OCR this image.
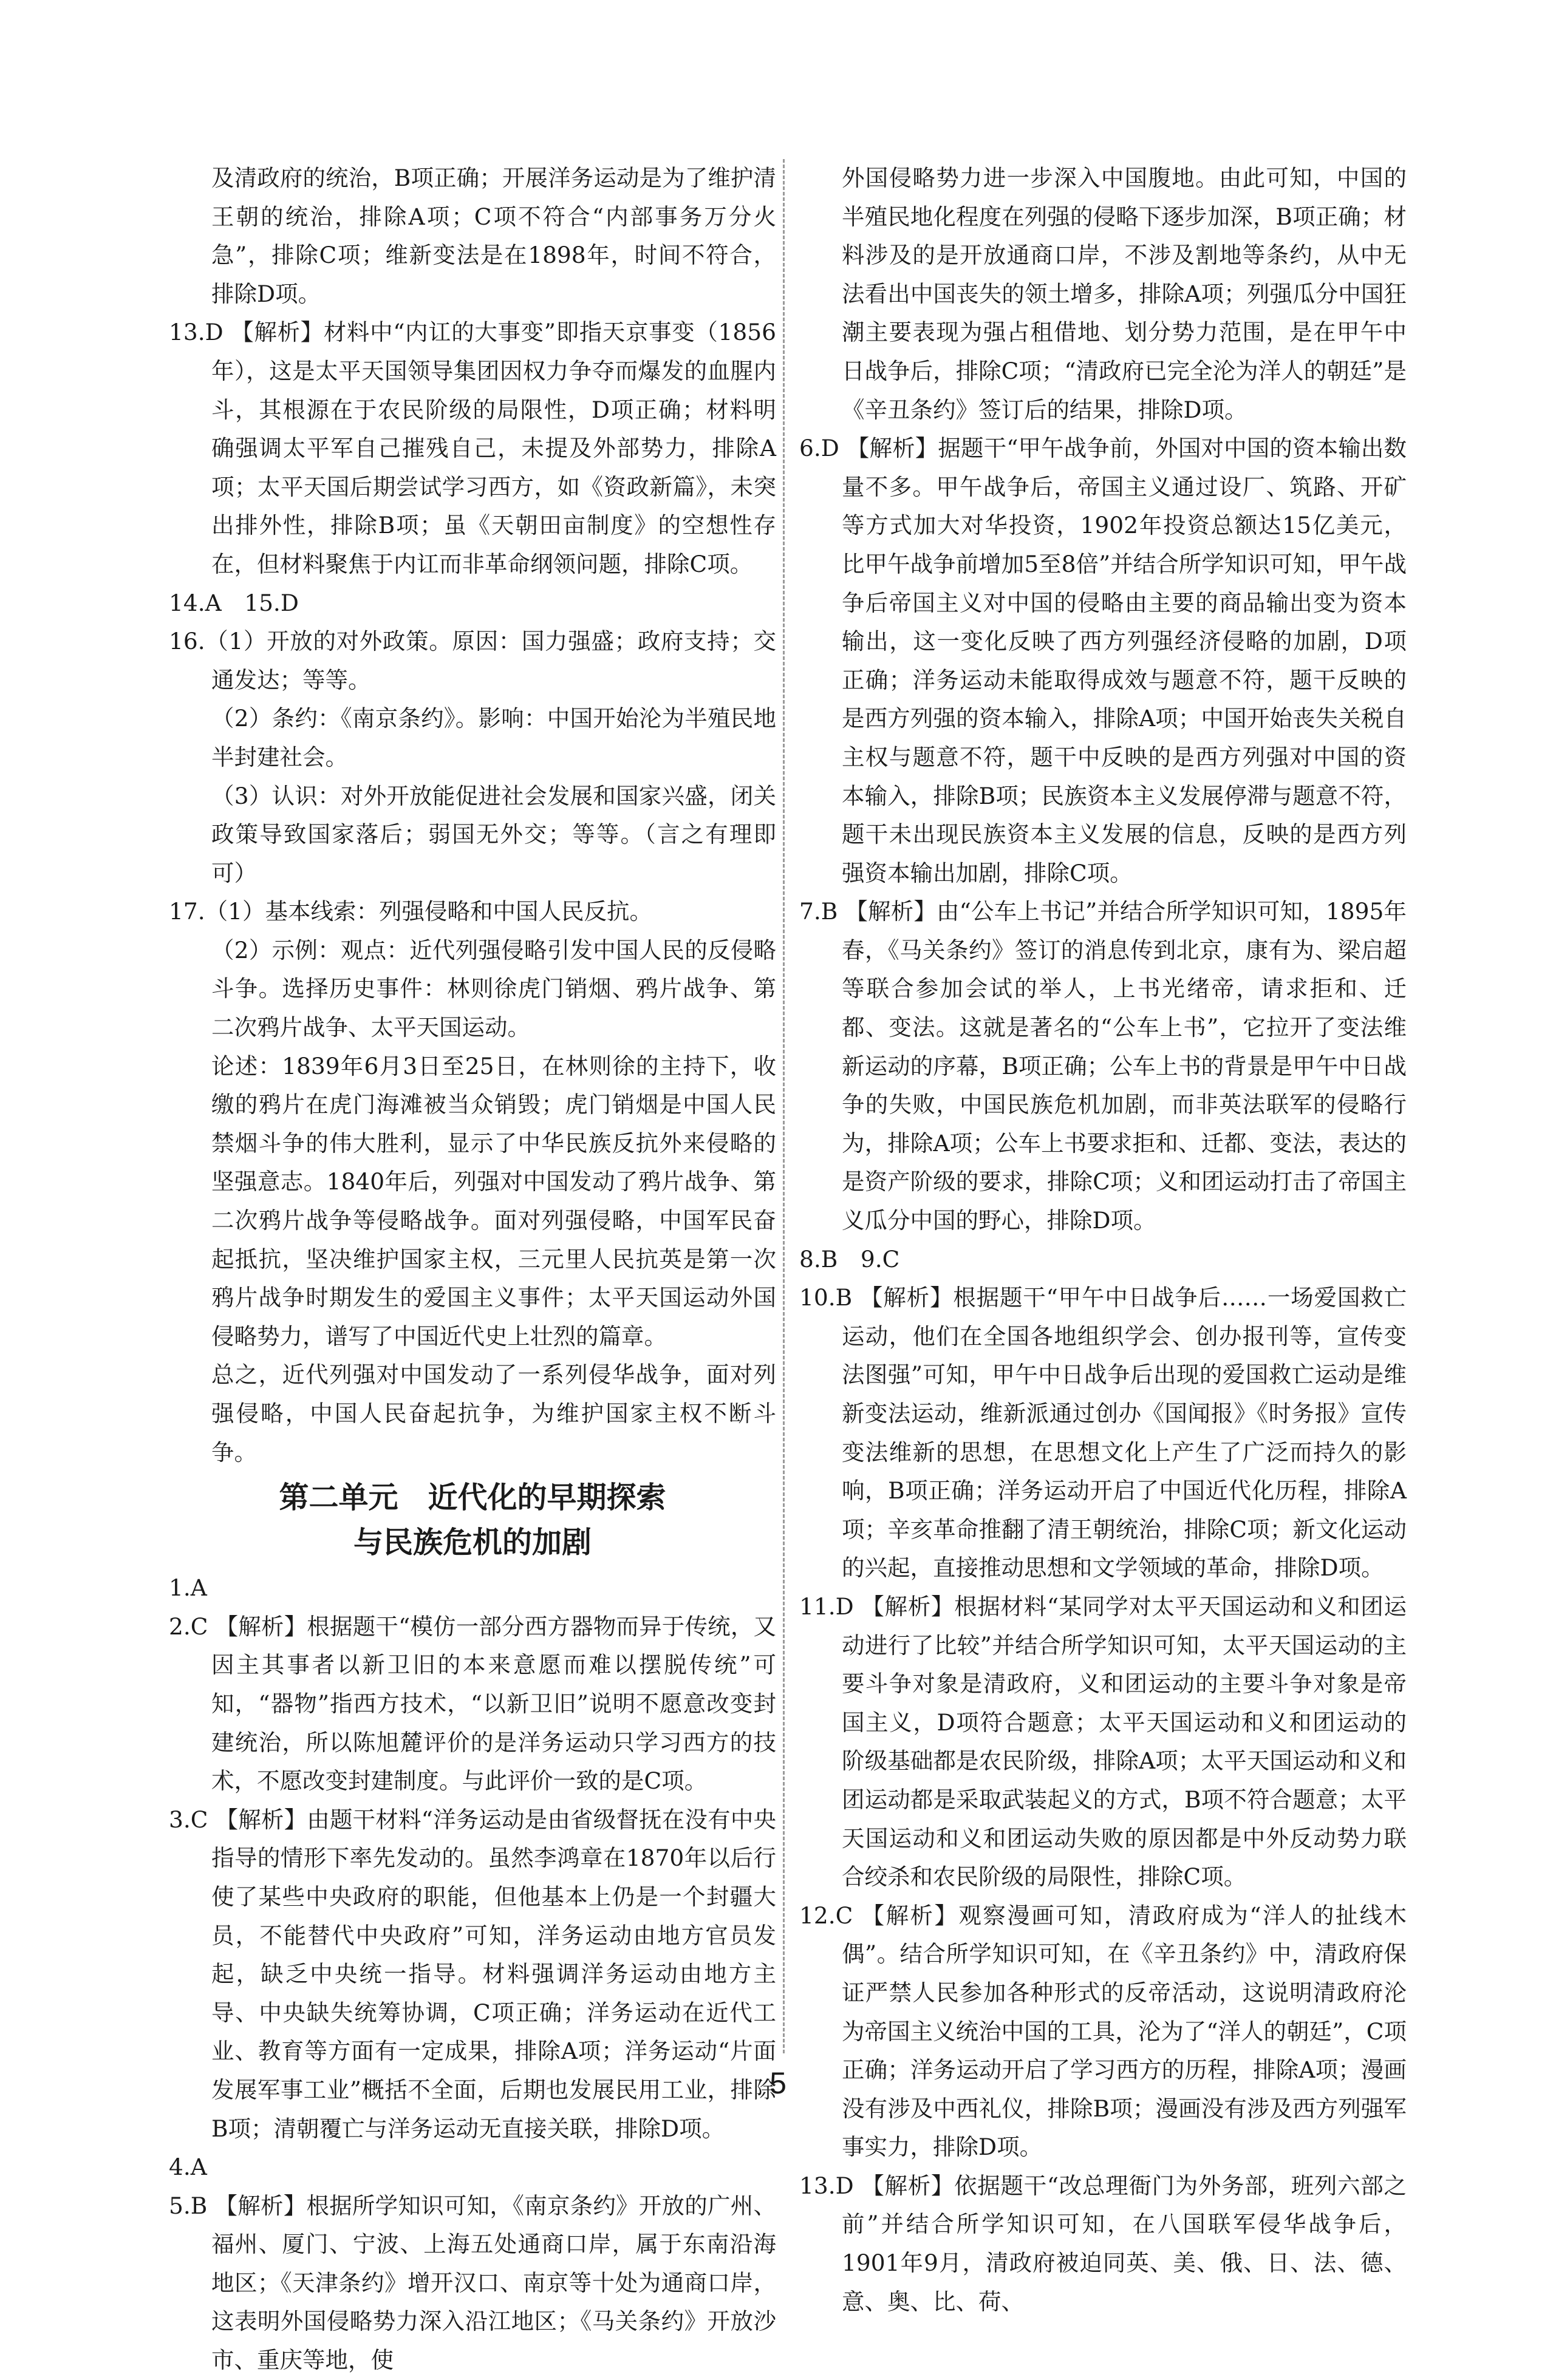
及清政府的统治，B项正确；开展洋务运动是为了维护清王朝的统治，排除A项；C项不符合“内部事务万分火急”，排除C项；维新变法是在1898年，时间不符合，排除D项。

13.D 【解析】材料中“内讧的大事变”即指天京事变（1856年），这是太平天国领导集团因权力争夺而爆发的血腥内斗，其根源在于农民阶级的局限性，D项正确；材料明确强调太平军自己摧残自己，未提及外部势力，排除A项；太平天国后期尝试学习西方，如《资政新篇》，未突出排外性，排除B项；虽《天朝田亩制度》的空想性存在，但材料聚焦于内讧而非革命纲领问题，排除C项。

14.A　15.D

16.（1）开放的对外政策。原因：国力强盛；政府支持；交通发达；等等。

（2）条约：《南京条约》。影响：中国开始沦为半殖民地半封建社会。

（3）认识：对外开放能促进社会发展和国家兴盛，闭关政策导致国家落后；弱国无外交；等等。（言之有理即可）

17.（1）基本线索：列强侵略和中国人民反抗。

（2）示例：观点：近代列强侵略引发中国人民的反侵略斗争。选择历史事件：林则徐虎门销烟、鸦片战争、第二次鸦片战争、太平天国运动。

论述：1839年6月3日至25日，在林则徐的主持下，收缴的鸦片在虎门海滩被当众销毁；虎门销烟是中国人民禁烟斗争的伟大胜利，显示了中华民族反抗外来侵略的坚强意志。1840年后，列强对中国发动了鸦片战争、第二次鸦片战争等侵略战争。面对列强侵略，中国军民奋起抵抗，坚决维护国家主权，三元里人民抗英是第一次鸦片战争时期发生的爱国主义事件；太平天国运动外国侵略势力，谱写了中国近代史上壮烈的篇章。

总之，近代列强对中国发动了一系列侵华战争，面对列强侵略，中国人民奋起抗争，为维护国家主权不断斗争。

第二单元　近代化的早期探索
与民族危机的加剧

1.A

2.C 【解析】根据题干“模仿一部分西方器物而异于传统，又因主其事者以新卫旧的本来意愿而难以摆脱传统”可知，“器物”指西方技术，“以新卫旧”说明不愿意改变封建统治，所以陈旭麓评价的是洋务运动只学习西方的技术，不愿改变封建制度。与此评价一致的是C项。

3.C 【解析】由题干材料“洋务运动是由省级督抚在没有中央指导的情形下率先发动的。虽然李鸿章在1870年以后行使了某些中央政府的职能，但他基本上仍是一个封疆大员，不能替代中央政府”可知，洋务运动由地方官员发起，缺乏中央统一指导。材料强调洋务运动由地方主导、中央缺失统筹协调，C项正确；洋务运动在近代工业、教育等方面有一定成果，排除A项；洋务运动“片面发展军事工业”概括不全面，后期也发展民用工业，排除B项；清朝覆亡与洋务运动无直接关联，排除D项。

4.A

5.B 【解析】根据所学知识可知，《南京条约》开放的广州、福州、厦门、宁波、上海五处通商口岸，属于东南沿海地区；《天津条约》增开汉口、南京等十处为通商口岸，这表明外国侵略势力深入沿江地区；《马关条约》开放沙市、重庆等地，使

外国侵略势力进一步深入中国腹地。由此可知，中国的半殖民地化程度在列强的侵略下逐步加深，B项正确；材料涉及的是开放通商口岸，不涉及割地等条约，从中无法看出中国丧失的领土增多，排除A项；列强瓜分中国狂潮主要表现为强占租借地、划分势力范围，是在甲午中日战争后，排除C项；“清政府已完全沦为洋人的朝廷”是《辛丑条约》签订后的结果，排除D项。

6.D 【解析】据题干“甲午战争前，外国对中国的资本输出数量不多。甲午战争后，帝国主义通过设厂、筑路、开矿等方式加大对华投资，1902年投资总额达15亿美元，比甲午战争前增加5至8倍”并结合所学知识可知，甲午战争后帝国主义对中国的侵略由主要的商品输出变为资本输出，这一变化反映了西方列强经济侵略的加剧，D项正确；洋务运动未能取得成效与题意不符，题干反映的是西方列强的资本输入，排除A项；中国开始丧失关税自主权与题意不符，题干中反映的是西方列强对中国的资本输入，排除B项；民族资本主义发展停滞与题意不符，题干未出现民族资本主义发展的信息，反映的是西方列强资本输出加剧，排除C项。

7.B 【解析】由“公车上书记”并结合所学知识可知，1895年春，《马关条约》签订的消息传到北京，康有为、梁启超等联合参加会试的举人，上书光绪帝，请求拒和、迁都、变法。这就是著名的“公车上书”，它拉开了变法维新运动的序幕，B项正确；公车上书的背景是甲午中日战争的失败，中国民族危机加剧，而非英法联军的侵略行为，排除A项；公车上书要求拒和、迁都、变法，表达的是资产阶级的要求，排除C项；义和团运动打击了帝国主义瓜分中国的野心，排除D项。

8.B　9.C

10.B 【解析】根据题干“甲午中日战争后……一场爱国救亡运动，他们在全国各地组织学会、创办报刊等，宣传变法图强”可知，甲午中日战争后出现的爱国救亡运动是维新变法运动，维新派通过创办《国闻报》《时务报》宣传变法维新的思想，在思想文化上产生了广泛而持久的影响，B项正确；洋务运动开启了中国近代化历程，排除A项；辛亥革命推翻了清王朝统治，排除C项；新文化运动的兴起，直接推动思想和文学领域的革命，排除D项。

11.D 【解析】根据材料“某同学对太平天国运动和义和团运动进行了比较”并结合所学知识可知，太平天国运动的主要斗争对象是清政府，义和团运动的主要斗争对象是帝国主义，D项符合题意；太平天国运动和义和团运动的阶级基础都是农民阶级，排除A项；太平天国运动和义和团运动都是采取武装起义的方式，B项不符合题意；太平天国运动和义和团运动失败的原因都是中外反动势力联合绞杀和农民阶级的局限性，排除C项。

12.C 【解析】观察漫画可知，清政府成为“洋人的扯线木偶”。结合所学知识可知，在《辛丑条约》中，清政府保证严禁人民参加各种形式的反帝活动，这说明清政府沦为帝国主义统治中国的工具，沦为了“洋人的朝廷”，C项正确；洋务运动开启了学习西方的历程，排除A项；漫画没有涉及中西礼仪，排除B项；漫画没有涉及西方列强军事实力，排除D项。

13.D 【解析】依据题干“改总理衙门为外务部，班列六部之前”并结合所学知识可知，在八国联军侵华战争后，1901年9月，清政府被迫同英、美、俄、日、法、德、意、奥、比、荷、

5
